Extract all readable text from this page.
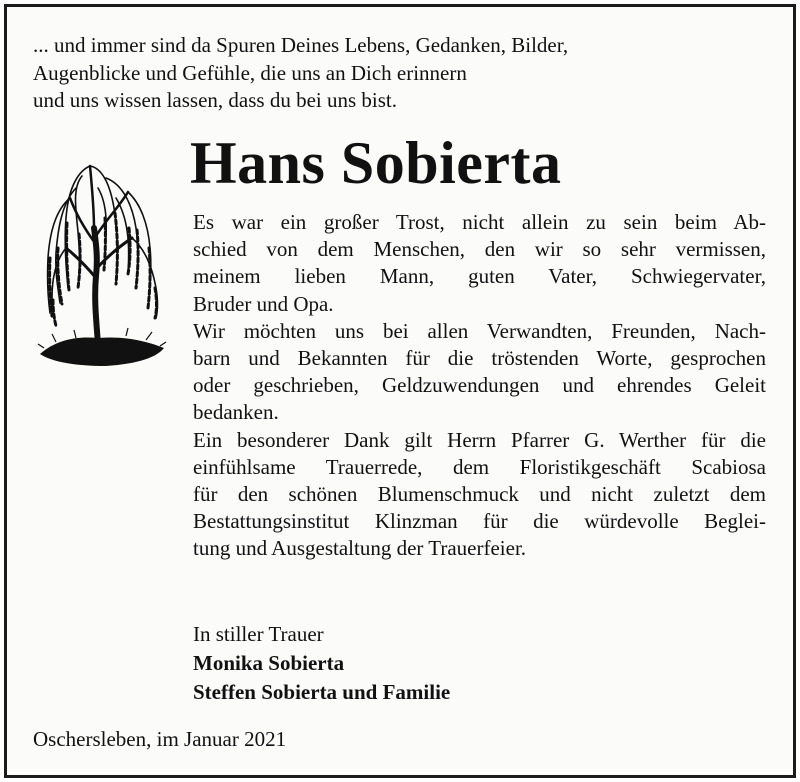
... und immer sind da Spuren Deines Lebens, Gedanken, Bilder,
Augenblicke und Gefühle, die uns an Dich erinnern
und uns wissen lassen, dass du bei uns bist.
Hans Sobierta
Es war ein großer Trost, nicht allein zu sein beim Ab-
schied von dem Menschen, den wir so sehr vermissen,
meinem lieben Mann, guten Vater, Schwiegervater,
Bruder und Opa.
Wir möchten uns bei allen Verwandten, Freunden, Nach-
barn und Bekannten für die tröstenden Worte, gesprochen
oder geschrieben, Geldzuwendungen und ehrendes Geleit
bedanken.
Ein besonderer Dank gilt Herrn Pfarrer G. Werther für die
einfühlsame Trauerrede, dem Floristikgeschäft Scabiosa
für den schönen Blumenschmuck und nicht zuletzt dem
Bestattungsinstitut Klinzman für die würdevolle Beglei-
tung und Ausgestaltung der Trauerfeier.
In stiller Trauer
Monika Sobierta
Steffen Sobierta und Familie
Oschersleben, im Januar 2021
